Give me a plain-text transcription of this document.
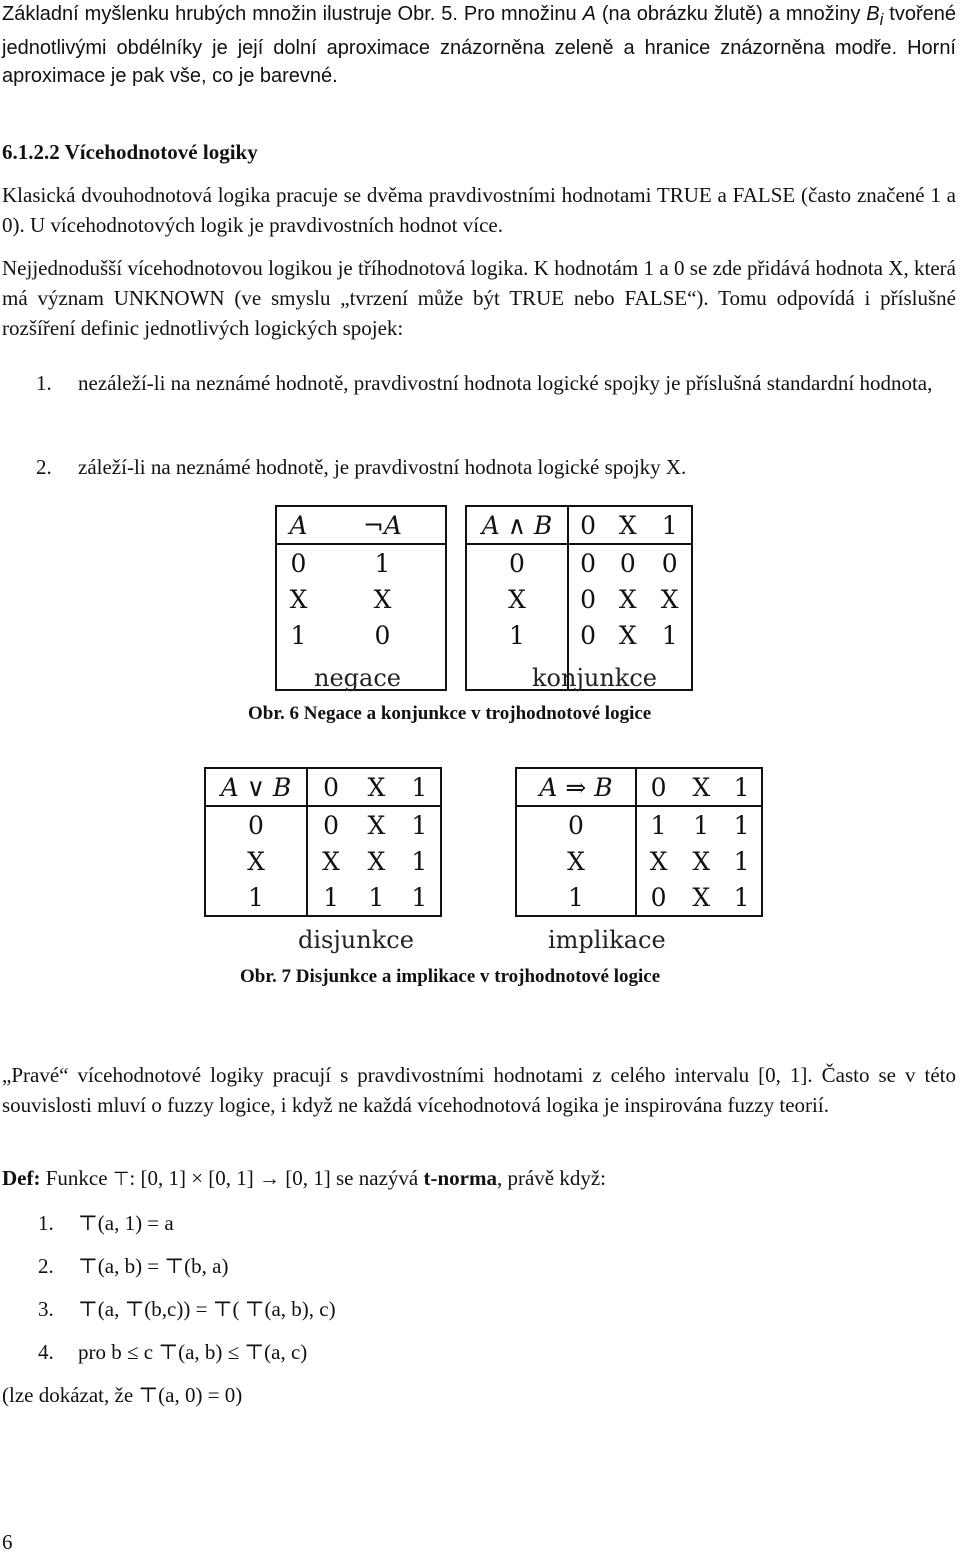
Základní myšlenku hrubých množin ilustruje Obr. 5. Pro množinu A (na obrázku žlutě) a množiny $B_i$ tvořené jednotlivými obdélníky je její dolní aproximace znázorněna zeleně a hranice znázorněna modře. Horní aproximace je pak vše, co je barevné.
6.1.2.2 Vícehodnotové logiky
Klasická dvouhodnotová logika pracuje se dvěma pravdivostními hodnotami TRUE a FALSE (často značené 1 a 0). U vícehodnotových logik je pravdivostních hodnot více.
Nejjednodušší vícehodnotovou logikou je tříhodnotová logika. K hodnotám 1 a 0 se zde přidává hodnota X, která má význam UNKNOWN (ve smyslu „tvrzení může být TRUE nebo FALSE“). Tomu odpovídá i příslušné rozšíření definic jednotlivých logických spojek:
1. nezáleží-li na neznámé hodnotě, pravdivostní hodnota logické spojky je příslušná standardní hodnota,
2. záleží-li na neznámé hodnotě, je pravdivostní hodnota logické spojky X.
A	¬A
0	1
X	X
1	0

negace
A ∧ B	0	X	1
0	0	0	0
X	0	X	X
1	0	X	1

konjunkce
Obr. 6 Negace a konjunkce v trojhodnotové logice
A ∨ B	0	X	1
0	0	X	1
X	X	X	1
1	1	1	1
disjunkce
A ⇒ B	0	X	1
0	1	1	1
X	X	X	1
1	0	X	1
implikace
Obr. 7 Disjunkce a implikace v trojhodnotové logice
„Pravé“ vícehodnotové logiky pracují s pravdivostními hodnotami z celého intervalu [0, 1]. Často se v této souvislosti mluví o fuzzy logice, i když ne každá vícehodnotová logika je inspirována fuzzy teorií.
Def: Funkce ⊤: [0, 1] × [0, 1] → [0, 1] se nazývá t-norma, právě když:
1. ⊤(a, 1) = a
2. ⊤(a, b) = ⊤(b, a)
3. ⊤(a, ⊤(b,c)) = ⊤( ⊤(a, b), c)
4. pro b ≤ c ⊤(a, b) ≤ ⊤(a, c)
(lze dokázat, že ⊤(a, 0) = 0)
6
